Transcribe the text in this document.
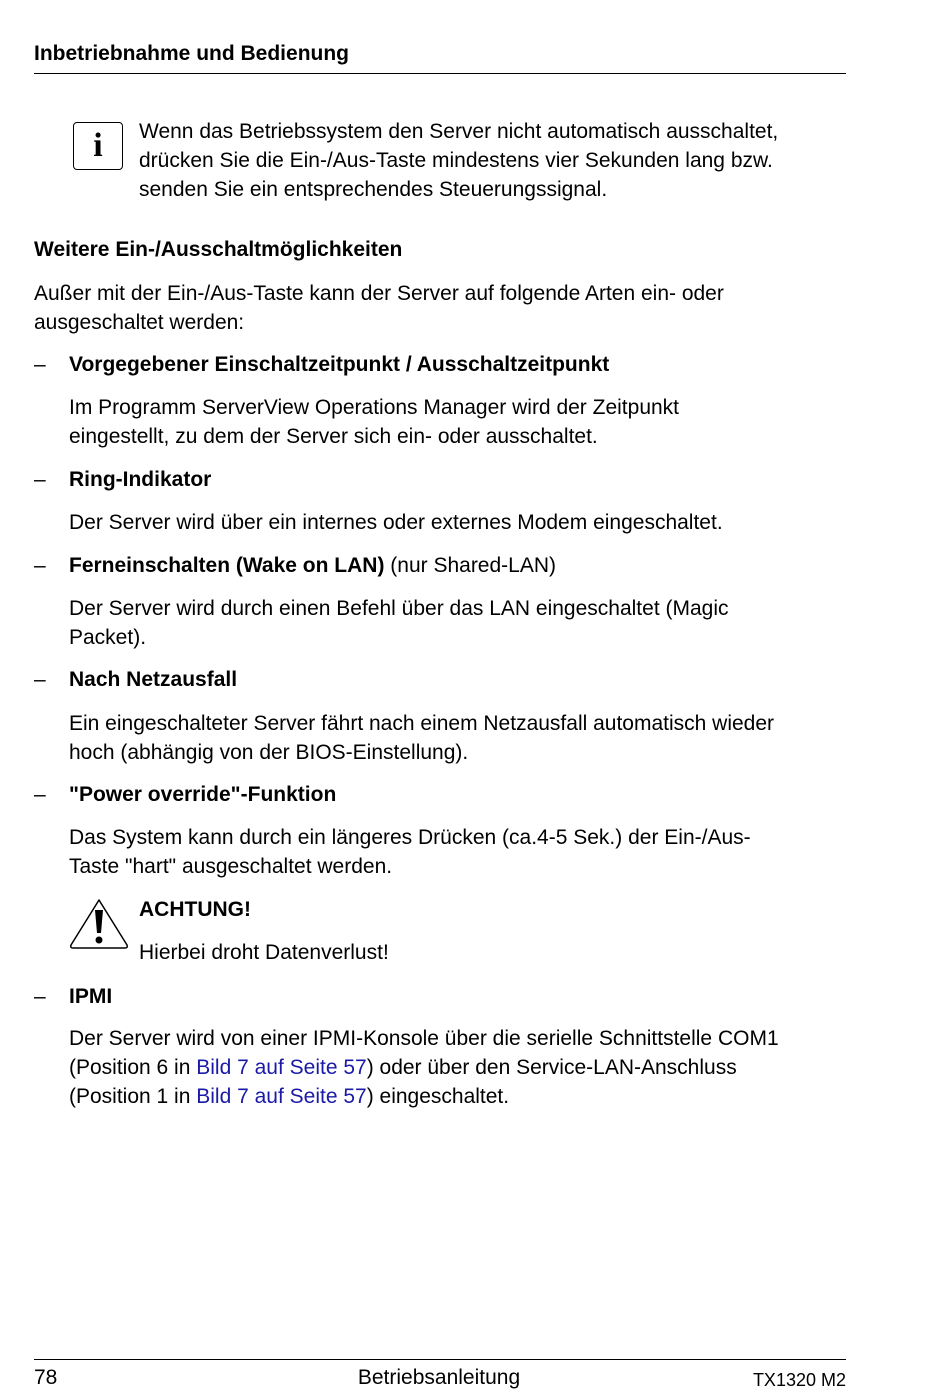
Inbetriebnahme und Bedienung
i	Wenn das Betriebssystem den Server nicht automatisch ausschaltet,

drücken Sie die Ein-/Aus-Taste mindestens vier Sekunden lang bzw.

senden Sie ein entsprechendes Steuerungssignal.

Weitere Ein-/Ausschaltmöglichkeiten

Außer mit der Ein-/Aus-Taste kann der Server auf folgende Arten ein- oder

ausgeschaltet werden:

– Vorgegebener Einschaltzeitpunkt / Ausschaltzeitpunkt

Im Programm ServerView Operations Manager wird der Zeitpunkt

eingestellt, zu dem der Server sich ein- oder ausschaltet.

– Ring-Indikator

Der Server wird über ein internes oder externes Modem eingeschaltet.

– Ferneinschalten (Wake on LAN) (nur Shared-LAN)

Der Server wird durch einen Befehl über das LAN eingeschaltet (Magic

Packet).

– Nach Netzausfall

Ein eingeschalteter Server fährt nach einem Netzausfall automatisch wieder

hoch (abhängig von der BIOS-Einstellung).

– "Power override"-Funktion

Das System kann durch ein längeres Drücken (ca.4-5 Sek.) der Ein-/Aus-

Taste "hart" ausgeschaltet werden.

ACHTUNG!
Hierbei droht Datenverlust!
– IPMI

Der Server wird von einer IPMI-Konsole über die serielle Schnittstelle COM1

(Position 6 in Bild 7 auf Seite 57) oder über den Service-LAN-Anschluss

(Position 1 in Bild 7 auf Seite 57) eingeschaltet.

78	Betriebsanleitung	TX1320 M2
